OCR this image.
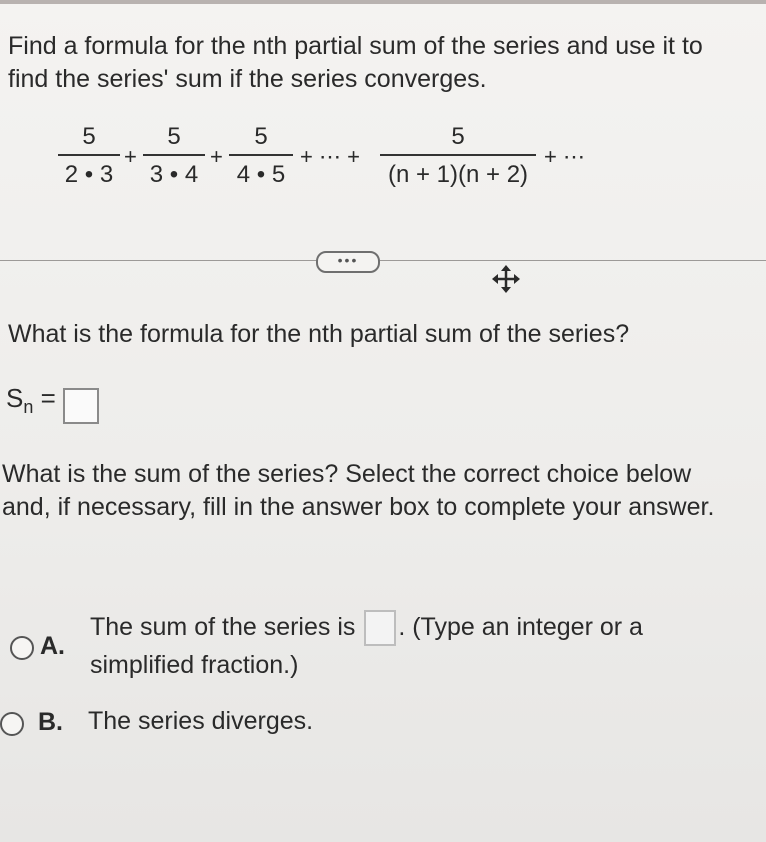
Find a formula for the nth partial sum of the series and use it to find the series' sum if the series converges.
5
2 • 3
+
5
3 • 4
+
5
4 • 5
+ ⋯ +
5
(n + 1)(n + 2)
+ ⋯
•••
What is the formula for the nth partial sum of the series?
$S_n$ =
What is the sum of the series? Select the correct choice below and, if necessary, fill in the answer box to complete your answer.
A.
The sum of the series is . (Type an integer or a
simplified fraction.)
B. The series diverges.
